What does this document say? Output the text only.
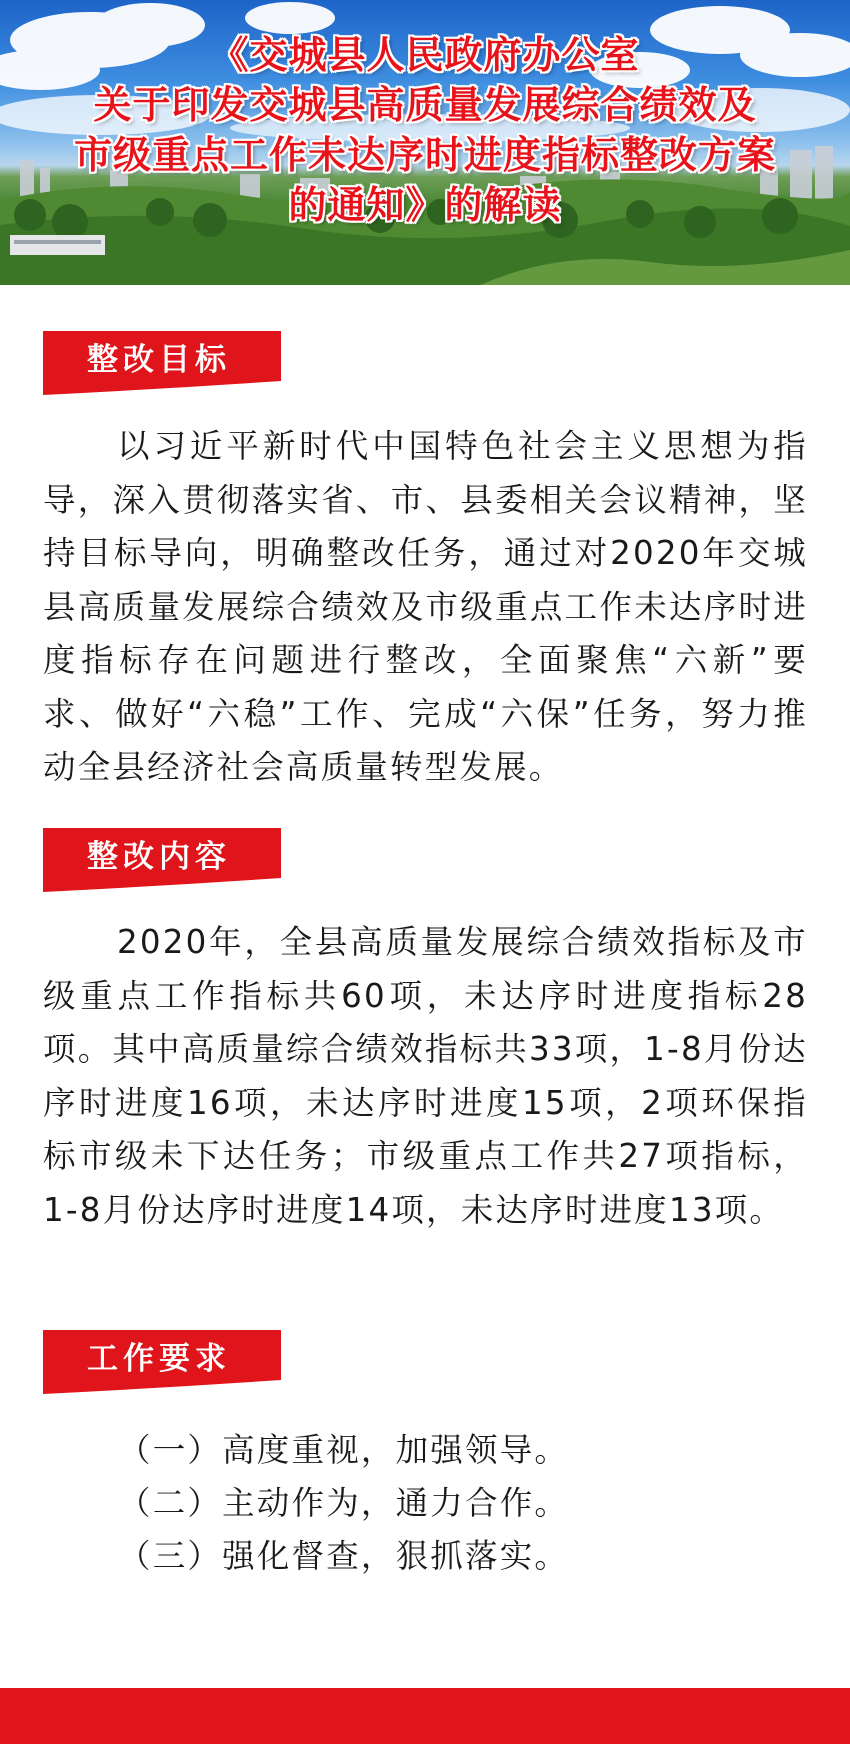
《交城县人民政府办公室
关于印发交城县高质量发展综合绩效及
市级重点工作未达序时进度指标整改方案
的通知》的解读
整改目标

以习近平新时代中国特色社会主义思想为指导，深入贯彻落实省、市、县委相关会议精神，坚持目标导向，明确整改任务，通过对2020年交城县高质量发展综合绩效及市级重点工作未达序时进度指标存在问题进行整改，全面聚焦“六新”要求、做好“六稳”工作、完成“六保”任务，努力推动全县经济社会高质量转型发展。

整改内容

2020年，全县高质量发展综合绩效指标及市级重点工作指标共60项，未达序时进度指标28项。其中高质量综合绩效指标共33项，1-8月份达序时进度16项，未达序时进度15项，2项环保指标市级未下达任务；市级重点工作共27项指标，1-8月份达序时进度14项，未达序时进度13项。

工作要求
（一）高度重视，加强领导。
（二）主动作为，通力合作。
（三）强化督查，狠抓落实。
